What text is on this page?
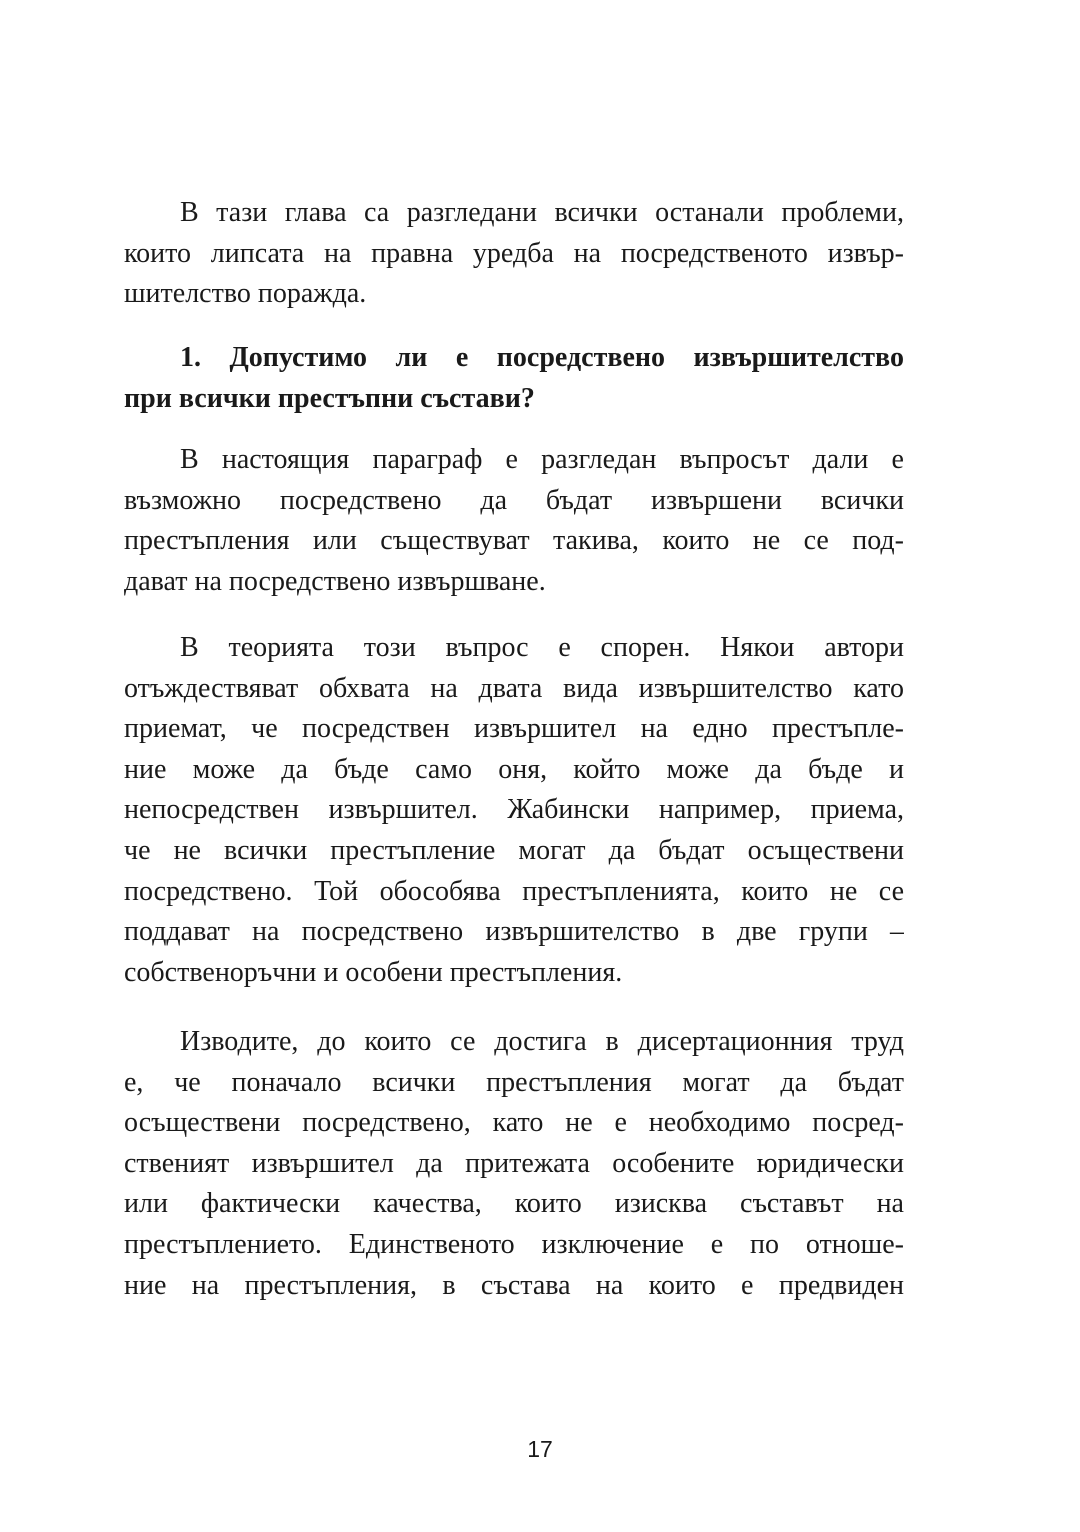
В тази глава са разгледани всички останали проблеми,
които липсата на правна уредба на посредственото извър-
шителство поражда.
1. Допустимо ли е посредствено извършителство
при всички престъпни състави?
В настоящия параграф е разгледан въпросът дали е
възможно посредствено да бъдат извършени всички
престъпления или съществуват такива, които не се под-
дават на посредствено извършване.
В теорията този въпрос е спорен. Някои автори
отъждествяват обхвата на двата вида извършителство като
приемат, че посредствен извършител на едно престъпле-
ние може да бъде само оня, който може да бъде и
непосредствен извършител. Жабински например, приема,
че не всички престъпление могат да бъдат осъществени
посредствено. Той обособява престъпленията, които не се
поддават на посредствено извършителство в две групи –
собственоръчни и особени престъпления.
Изводите, до които се достига в дисертационния труд
е, че поначало всички престъпления могат да бъдат
осъществени посредствено, като не е необходимо посред-
ственият извършител да притежата особените юридически
или фактически качества, които изисква съставът на
престъплението. Единственото изключение е по отноше-
ние на престъпления, в състава на които е предвиден
17
